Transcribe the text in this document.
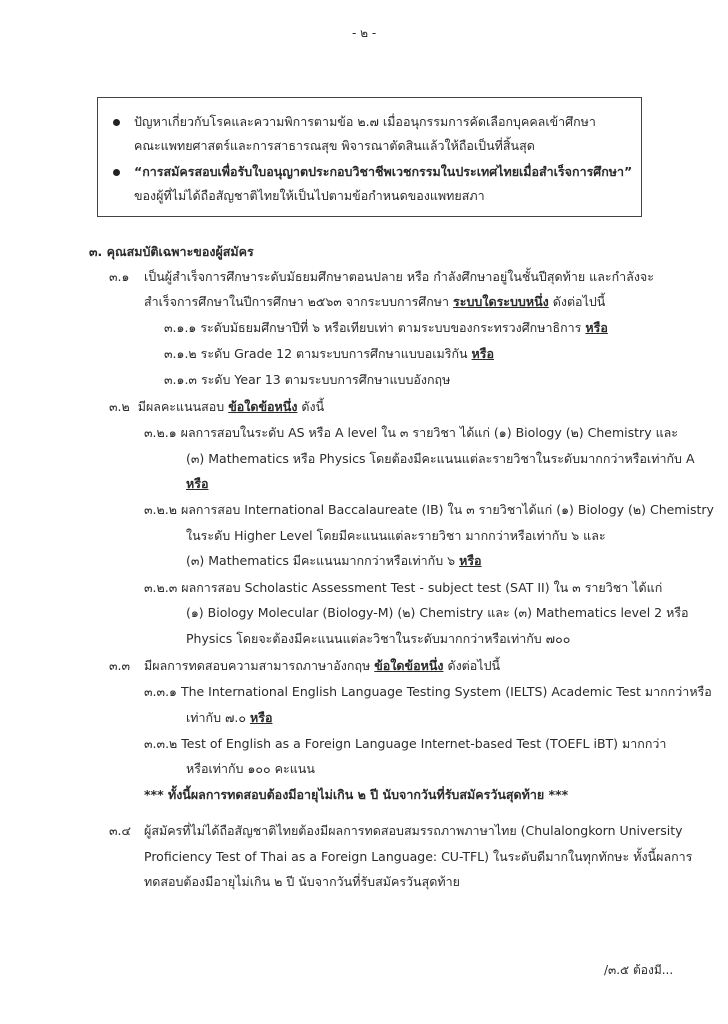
- ๒ -
ปัญหาเกี่ยวกับโรคและความพิการตามข้อ ๒.๗ เมื่ออนุกรรมการคัดเลือกบุคคลเข้าศึกษา
คณะแพทยศาสตร์และการสาธารณสุข พิจารณาตัดสินแล้วให้ถือเป็นที่สิ้นสุด
“การสมัครสอบเพื่อรับใบอนุญาตประกอบวิชาชีพเวชกรรมในประเทศไทยเมื่อสำเร็จการศึกษา”
ของผู้ที่ไม่ได้ถือสัญชาติไทยให้เป็นไปตามข้อกำหนดของแพทยสภา
๓. คุณสมบัติเฉพาะของผู้สมัคร
๓.๑ เป็นผู้สำเร็จการศึกษาระดับมัธยมศึกษาตอนปลาย หรือ กำลังศึกษาอยู่ในชั้นปีสุดท้าย และกำลังจะ
สำเร็จการศึกษาในปีการศึกษา ๒๕๖๓ จากระบบการศึกษา ระบบใดระบบหนึ่ง ดังต่อไปนี้
๓.๑.๑ ระดับมัธยมศึกษาปีที่ ๖ หรือเทียบเท่า ตามระบบของกระทรวงศึกษาธิการ หรือ
๓.๑.๒ ระดับ Grade 12 ตามระบบการศึกษาแบบอเมริกัน หรือ
๓.๑.๓ ระดับ Year 13 ตามระบบการศึกษาแบบอังกฤษ
๓.๒ มีผลคะแนนสอบ ข้อใดข้อหนึ่ง ดังนี้
๓.๒.๑ ผลการสอบในระดับ AS หรือ A level ใน ๓ รายวิชา ได้แก่ (๑) Biology (๒) Chemistry และ
(๓) Mathematics หรือ Physics โดยต้องมีคะแนนแต่ละรายวิชาในระดับมากกว่าหรือเท่ากับ A
หรือ
๓.๒.๒ ผลการสอบ International Baccalaureate (IB) ใน ๓ รายวิชาได้แก่ (๑) Biology (๒) Chemistry
ในระดับ Higher Level โดยมีคะแนนแต่ละรายวิชา มากกว่าหรือเท่ากับ ๖ และ
(๓) Mathematics มีคะแนนมากกว่าหรือเท่ากับ ๖ หรือ
๓.๒.๓ ผลการสอบ Scholastic Assessment Test - subject test (SAT II) ใน ๓ รายวิชา ได้แก่
(๑) Biology Molecular (Biology-M) (๒) Chemistry และ (๓) Mathematics level 2 หรือ
Physics โดยจะต้องมีคะแนนแต่ละวิชาในระดับมากกว่าหรือเท่ากับ ๗๐๐
๓.๓ มีผลการทดสอบความสามารถภาษาอังกฤษ ข้อใดข้อหนึ่ง ดังต่อไปนี้
๓.๓.๑ The International English Language Testing System (IELTS) Academic Test มากกว่าหรือ
เท่ากับ ๗.๐ หรือ
๓.๓.๒ Test of English as a Foreign Language Internet-based Test (TOEFL iBT) มากกว่า
หรือเท่ากับ ๑๐๐ คะแนน
*** ทั้งนี้ผลการทดสอบต้องมีอายุไม่เกิน ๒ ปี นับจากวันที่รับสมัครวันสุดท้าย ***
๓.๔ ผู้สมัครที่ไม่ได้ถือสัญชาติไทยต้องมีผลการทดสอบสมรรถภาพภาษาไทย (Chulalongkorn University
Proficiency Test of Thai as a Foreign Language: CU-TFL) ในระดับดีมากในทุกทักษะ ทั้งนี้ผลการ
ทดสอบต้องมีอายุไม่เกิน ๒ ปี นับจากวันที่รับสมัครวันสุดท้าย
/๓.๕ ต้องมี...
